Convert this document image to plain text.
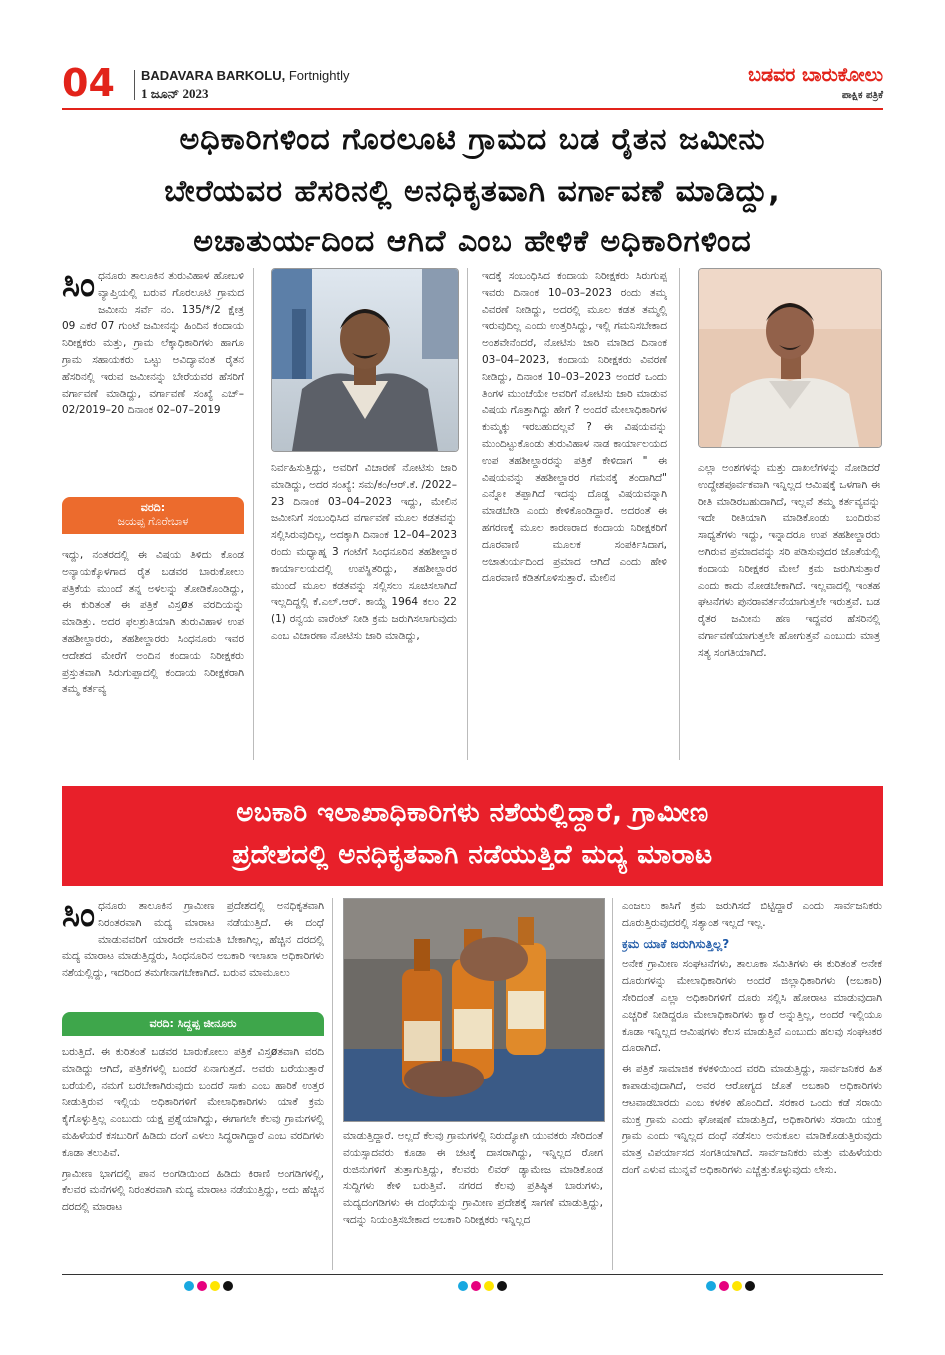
04	BADAVARA BARKOLU, Fortnightly
1 ಜೂನ್ 2023
ಬಡವರ ಬಾರುಕೋಲು
ಪಾಕ್ಷಿಕ ಪತ್ರಿಕೆ
ಅಧಿಕಾರಿಗಳಿಂದ ಗೊರಲೂಟಿ ಗ್ರಾಮದ ಬಡ ರೈತನ ಜಮೀನು
ಬೇರೆಯವರ ಹೆಸರಿನಲ್ಲಿ ಅನಧಿಕೃತವಾಗಿ ವರ್ಗಾವಣೆ ಮಾಡಿದ್ದು,
ಅಚಾತುರ್ಯದಿಂದ ಆಗಿದೆ ಎಂಬ ಹೇಳಿಕೆ ಅಧಿಕಾರಿಗಳಿಂದ
ಸಿಂ ಧನೂರು ತಾಲೂಕಿನ ತುರುವಿಹಾಳ ಹೋಬಳಿ ವ್ಯಾಪ್ತಿಯಲ್ಲಿ ಬರುವ ಗೊರಲೂಟಿ ಗ್ರಾಮದ ಜಮೀನು ಸರ್ವೆ ನಂ. 135/*/2 ಕ್ಷೇತ್ರ 09 ಎಕರೆ 07 ಗುಂಟೆ ಜಮೀನನ್ನು ಹಿಂದಿನ ಕಂದಾಯ ನಿರೀಕ್ಷಕರು ಮತ್ತು, ಗ್ರಾಮ ಲೆಕ್ಕಾಧಿಕಾರಿಗಳು ಹಾಗೂ ಗ್ರಾಮ ಸಹಾಯಕರು ಒಟ್ಟು ಅವಿದ್ಯಾವಂತ ರೈತನ ಹೆಸರಿನಲ್ಲಿ ಇರುವ ಜಮೀನನ್ನು ಬೇರೆಯವರ ಹೆಸರಿಗೆ ವರ್ಗಾವಣೆ ಮಾಡಿದ್ದು, ವರ್ಗಾವಣೆ ಸಂಖ್ಯೆ ಎಚ್– 02/2019–20 ದಿನಾಂಕ 02–07–2019
ವರದಿ:
ಜಯಪ್ಪ ಗೊರೇಬಾಳ
ಇದ್ದು, ನಂತರದಲ್ಲಿ ಈ ವಿಷಯ ತಿಳಿದು ಕೊಂಡ ಅನ್ಯಾಯಕ್ಕೊಳಗಾದ ರೈತ ಬಡವರ ಬಾರುಕೋಲು ಪತ್ರಿಕೆಯ ಮುಂದೆ ತನ್ನ ಅಳಲನ್ನು ತೋಡಿಕೊಂಡಿದ್ದು, ಈ ಕುರಿತಂತೆ ಈ ಪತ್ರಿಕೆ ವಿಸ್ತøತ ವರದಿಯನ್ನು ಮಾಡಿತ್ತು. ಅದರ ಫಲಶ್ರುತಿಯಾಗಿ ತುರುವಿಹಾಳ ಉಪ ತಹಶೀಲ್ದಾರರು, ತಹಶೀಲ್ದಾರರು ಸಿಂಧನೂರು ಇವರ ಆದೇಶದ ಮೇರೆಗೆ ಅಂದಿನ ಕಂದಾಯ ನಿರೀಕ್ಷಕರು ಪ್ರಸ್ತುತವಾಗಿ ಸಿರುಗುಪ್ಪಾದಲ್ಲಿ ಕಂದಾಯ ನಿರೀಕ್ಷಕರಾಗಿ ತಮ್ಮ ಕರ್ತವ್ಯ
ನಿರ್ವಹಿಸುತ್ತಿದ್ದು, ಅವರಿಗೆ ವಿಚಾರಣೆ ನೋಟಿಸು ಜಾರಿ ಮಾಡಿದ್ದು, ಅದರ ಸಂಖ್ಯೆ: ಸಮ/ಕಂ/ಆರ್.ಕೆ. /2022–23 ದಿನಾಂಕ 03–04–2023 ಇದ್ದು, ಮೇಲಿನ ಜಮೀನಿಗೆ ಸಂಬಂಧಿಸಿದ ವರ್ಗಾವಣೆ ಮೂಲ ಕಡತವನ್ನು ಸಲ್ಲಿಸಿರುವುದಿಲ್ಲ, ಅದಕ್ಕಾಗಿ ದಿನಾಂಕ 12–04–2023 ರಂದು ಮಧ್ಯಾಹ್ನ 3 ಗಂಟೆಗೆ ಸಿಂಧನೂರಿನ ತಹಶೀಲ್ದಾರ ಕಾರ್ಯಾಲಯದಲ್ಲಿ ಉಪಸ್ಥಿತರಿದ್ದು, ತಹಶೀಲ್ದಾರರ ಮುಂದೆ ಮೂಲ ಕಡತವನ್ನು ಸಲ್ಲಿಸಲು ಸೂಚಿಸಲಾಗಿದೆ ಇಲ್ಲದಿದ್ದಲ್ಲಿ ಕೆ.ಎಲ್.ಆರ್. ಕಾಯ್ದೆ 1964 ಕಲಂ 22 (1) ರನ್ವಯ ವಾರೆಂಟ್ ನೀಡಿ ಕ್ರಮ ಜರುಗಿಸಲಾಗುವುದು ಎಂಬ ವಿಚಾರಣಾ ನೋಟಿಸು ಜಾರಿ ಮಾಡಿದ್ದು,
ಇದಕ್ಕೆ ಸಂಬಂಧಿಸಿದ ಕಂದಾಯ ನಿರೀಕ್ಷಕರು ಸಿರುಗುಪ್ಪ ಇವರು ದಿನಾಂಕ 10–03–2023 ರಂದು ತಮ್ಮ ವಿವರಣೆ ನೀಡಿದ್ದು, ಅದರಲ್ಲಿ ಮೂಲ ಕಡತ ತಮ್ಮಲ್ಲಿ ಇರುವುದಿಲ್ಲ ಎಂದು ಉತ್ತರಿಸಿದ್ದು, ಇಲ್ಲಿ ಗಮನಿಸಬೇಕಾದ ಅಂಶವೇನೆಂದರೆ, ನೋಟಿಸು ಜಾರಿ ಮಾಡಿದ ದಿನಾಂಕ 03–04–2023, ಕಂದಾಯ ನಿರೀಕ್ಷಕರು ವಿವರಣೆ ನೀಡಿದ್ದು, ದಿನಾಂಕ 10–03–2023 ಅಂದರೆ ಒಂದು ತಿಂಗಳ ಮುಂಚೆಯೇ ಅವರಿಗೆ ನೋಟಿಸು ಜಾರಿ ಮಾಡುವ ವಿಷಯ ಗೊತ್ತಾಗಿದ್ದು ಹೇಗೆ ? ಅಂದರೆ ಮೇಲಾಧಿಕಾರಿಗಳ ಕುಮ್ಮಕ್ಕು ಇರಬಹುದಲ್ಲವೆ ? ಈ ವಿಷಯವನ್ನು ಮುಂದಿಟ್ಟುಕೊಂಡು ತುರುವಿಹಾಳ ನಾಡ ಕಾರ್ಯಾಲಯದ ಉಪ ತಹಶೀಲ್ದಾರರನ್ನು ಪತ್ರಿಕೆ ಕೇಳಿದಾಗ " ಈ ವಿಷಯವನ್ನು ತಹಶೀಲ್ದಾರರ ಗಮನಕ್ಕೆ ತಂದಾಗಿದೆ" ಎನ್ನೋ ತಪ್ಪಾಗಿದೆ ಇದನ್ನು ದೊಡ್ಡ ವಿಷಯವನ್ನಾಗಿ ಮಾಡಬೇಡಿ ಎಂದು ಕೇಳಿಕೊಂಡಿದ್ದಾರೆ. ಅದರಂತೆ ಈ ಹಗರಣಕ್ಕೆ ಮೂಲ ಕಾರಣರಾದ ಕಂದಾಯ ನಿರೀಕ್ಷಕರಿಗೆ ದೂರವಾಣಿ ಮೂಲಕ ಸಂಪರ್ಕಿಸಿದಾಗ, ಅಚಾತುರ್ಯದಿಂದ ಪ್ರಮಾದ ಆಗಿದೆ ಎಂದು ಹೇಳಿ ದೂರವಾಣಿ ಕಡಿತಗೊಳಿಸುತ್ತಾರೆ. ಮೇಲಿನ
ಎಲ್ಲಾ ಅಂಶಗಳನ್ನು ಮತ್ತು ದಾಖಲೆಗಳನ್ನು ನೋಡಿದರೆ ಉದ್ದೇಶಪೂರ್ವಕವಾಗಿ ಇನ್ನಿಲ್ಲದ ಆಮಿಷಕ್ಕೆ ಒಳಗಾಗಿ ಈ ರೀತಿ ಮಾಡಿರಬಹುದಾಗಿದೆ, ಇಲ್ಲವೆ ತಮ್ಮ ಕರ್ತವ್ಯವನ್ನು ಇದೇ ರೀತಿಯಾಗಿ ಮಾಡಿಕೊಂಡು ಬಂದಿರುವ ಸಾಧ್ಯತೆಗಳು ಇದ್ದು, ಇನ್ನಾದರೂ ಉಪ ತಹಶೀಲ್ದಾರರು ಅಗಿರುವ ಪ್ರಮಾದವನ್ನು ಸರಿ ಪಡಿಸುವುದರ ಜೊತೆಯಲ್ಲಿ ಕಂದಾಯ ನಿರೀಕ್ಷಕರ ಮೇಲೆ ಕ್ರಮ ಜರುಗಿಸುತ್ತಾರೆ ಎಂದು ಕಾದು ನೋಡಬೇಕಾಗಿದೆ. ಇಲ್ಲವಾದಲ್ಲಿ ಇಂತಹ ಘಟನೆಗಳು ಪುನರಾವರ್ತನೆಯಾಗುತ್ತಲೇ ಇರುತ್ತವೆ. ಬಡ ರೈತರ ಜಮೀನು ಹಣ ಇದ್ದವರ ಹೆಸರಿನಲ್ಲಿ ವರ್ಗಾವಣೆಯಾಗುತ್ತಲೇ ಹೋಗುತ್ತವೆ ಎಂಬುದು ಮಾತ್ರ ಸತ್ಯ ಸಂಗತಿಯಾಗಿದೆ.
ಅಬಕಾರಿ ಇಲಾಖಾಧಿಕಾರಿಗಳು ನಶೆಯಲ್ಲಿದ್ದಾರೆ, ಗ್ರಾಮೀಣ
ಪ್ರದೇಶದಲ್ಲಿ ಅನಧಿಕೃತವಾಗಿ ನಡೆಯುತ್ತಿದೆ ಮದ್ಯ ಮಾರಾಟ
ಸಿಂ ಧನೂರು ತಾಲೂಕಿನ ಗ್ರಾಮೀಣ ಪ್ರದೇಶದಲ್ಲಿ ಅನಧಿಕೃತವಾಗಿ ನಿರಂತರವಾಗಿ ಮದ್ಯ ಮಾರಾಟ ನಡೆಯುತ್ತಿದೆ. ಈ ದಂಧೆ ಮಾಡುವವರಿಗೆ ಯಾರದೇ ಅನುಮತಿ ಬೇಕಾಗಿಲ್ಲ, ಹೆಚ್ಚಿನ ದರದಲ್ಲಿ ಮದ್ಯ ಮಾರಾಟ ಮಾಡುತ್ತಿದ್ದರು, ಸಿಂಧನೂರಿನ ಅಬಕಾರಿ ಇಲಾಖಾ ಅಧಿಕಾರಿಗಳು ನಶೆಯಲ್ಲಿದ್ದು, ಇದರಿಂದ ತಮಗೇನಾಗಬೇಕಾಗಿದೆ. ಬರುವ ಮಾಮೂಲು
ವರದಿ: ಸಿದ್ದಪ್ಪ ಜೀನೂರು

ಬರುತ್ತಿದೆ. ಈ ಕುರಿತಂತೆ ಬಡವರ ಬಾರುಕೋಲು ಪತ್ರಿಕೆ ವಿಸ್ತøತವಾಗಿ ವರದಿ ಮಾಡಿದ್ದು ಆಗಿದೆ, ಪತ್ರಿಕೆಗಳಲ್ಲಿ ಬಂದರೆ ಏನಾಗುತ್ತದೆ. ಅವರು ಬರೆಯುತ್ತಾರೆ ಬರೆಯಲಿ, ನಮಗೆ ಬರಬೇಕಾಗಿರುವುದು ಬಂದರೆ ಸಾಕು ಎಂಬ ಹಾರಿಕೆ ಉತ್ತರ ನೀಡುತ್ತಿರುವ ಇಲ್ಲಿಯ ಅಧಿಕಾರಿಗಳಿಗೆ ಮೇಲಾಧಿಕಾರಿಗಳು ಯಾಕೆ ಕ್ರಮ ಕೈಗೊಳ್ಳುತ್ತಿಲ್ಲ ಎಂಬುದು ಯಕ್ಷ ಪ್ರಶ್ನೆಯಾಗಿದ್ದು, ಈಗಾಗಲೇ ಕೆಲವು ಗ್ರಾಮಗಳಲ್ಲಿ ಮಹಿಳೆಯರೆ ಕಸಬುರಿಗೆ ಹಿಡಿದು ದಂಗೆ ಎಳಲು ಸಿದ್ಧರಾಗಿದ್ದಾರೆ ಎಂಬ ವರದಿಗಳು ಕೂಡಾ ತಲುಪಿವೆ.

ಗ್ರಾಮೀಣ ಭಾಗದಲ್ಲಿ ಪಾನ ಅಂಗಡಿಯಿಂದ ಹಿಡಿದು ಕಿರಾಣಿ ಅಂಗಡಿಗಳಲ್ಲಿ, ಕೆಲವರ ಮನೆಗಳಲ್ಲಿ ನಿರಂತರವಾಗಿ ಮದ್ಯ ಮಾರಾಟ ನಡೆಯುತ್ತಿದ್ದು, ಅದು ಹೆಚ್ಚಿನ ದರದಲ್ಲಿ ಮಾರಾಟ

ಮಾಡುತ್ತಿದ್ದಾರೆ. ಅಲ್ಲದೆ ಕೆಲವು ಗ್ರಾಮಗಳಲ್ಲಿ ನಿರುದ್ಯೋಗಿ ಯುವಕರು ಸೇರಿದಂತೆ ವಯಸ್ಸಾದವರು ಕೂಡಾ ಈ ಚಟಕ್ಕೆ ದಾಸರಾಗಿದ್ದು, ಇನ್ನಿಲ್ಲದ ರೋಗ ರುಜಿನುಗಳಿಗೆ ತುತ್ತಾಗುತ್ತಿದ್ದು, ಕೆಲವರು ಲಿವರ್ ಡ್ಯಾಮೇಜ ಮಾಡಿಕೊಂಡ ಸುದ್ದಿಗಳು ಕೇಳಿ ಬರುತ್ತಿವೆ. ನಗರದ ಕೆಲವು ಪ್ರತಿಷ್ಠಿತ ಬಾರುಗಳು, ಮದ್ಯದಂಗಡಿಗಳು ಈ ದಂಧೆಯನ್ನು ಗ್ರಾಮೀಣ ಪ್ರದೇಶಕ್ಕೆ ಸಾಗಣೆ ಮಾಡುತ್ತಿದ್ದು, ಇದನ್ನು ನಿಯಂತ್ರಿಸಬೇಕಾದ ಅಬಕಾರಿ ನಿರೀಕ್ಷಕರು ಇನ್ನಿಲ್ಲದ

ಎಂಜಲು ಕಾಸಿಗೆ ಕ್ರಮ ಜರುಗಿಸದೆ ಬಿಟ್ಟಿದ್ದಾರೆ ಎಂದು ಸಾರ್ವಜನಿಕರು ದೂರುತ್ತಿರುವುದರಲ್ಲಿ ಸತ್ಯಾಂಶ ಇಲ್ಲದೆ ಇಲ್ಲ.

ಕ್ರಮ ಯಾಕೆ ಜರುಗಿಸುತ್ತಿಲ್ಲ?

ಅನೇಕ ಗ್ರಾಮೀಣ ಸಂಘಟನೆಗಳು, ತಾಲೂಕಾ ಸಮಿತಿಗಳು ಈ ಕುರಿತಂತೆ ಅನೇಕ ದೂರುಗಳನ್ನು ಮೇಲಾಧಿಕಾರಿಗಳು ಅಂದರೆ ಜಿಲ್ಲಾಧಿಕಾರಿಗಳು (ಅಬಕಾರಿ) ಸೇರಿದಂತೆ ಎಲ್ಲಾ ಅಧಿಕಾರಿಗಳಿಗೆ ದೂರು ಸಲ್ಲಿಸಿ ಹೋರಾಟ ಮಾಡುವುದಾಗಿ ಎಚ್ಚರಿಕೆ ನೀಡಿದ್ದರೂ ಮೇಲಾಧಿಕಾರಿಗಳು ಕ್ಯಾರೆ ಅನ್ನುತ್ತಿಲ್ಲ, ಅಂದರೆ ಇಲ್ಲಿಯೂ ಕೂಡಾ ಇನ್ನಿಲ್ಲದ ಆಮಿಷಗಳು ಕೆಲಸ ಮಾಡುತ್ತಿವೆ ಎಂಬುದು ಹಲವು ಸಂಘಟಕರ ದೂರಾಗಿದೆ.

ಈ ಪತ್ರಿಕೆ ಸಾಮಾಜಿಕ ಕಳಕಳಿಯಿಂದ ವರದಿ ಮಾಡುತ್ತಿದ್ದು, ಸಾರ್ವಜನಿಕರ ಹಿತ ಕಾಪಾಡುವುದಾಗಿದೆ, ಅವರ ಆರೋಗ್ಯದ ಜೊತೆ ಅಬಕಾರಿ ಅಧಿಕಾರಿಗಳು ಆಟವಾಡಬಾರದು ಎಂಬ ಕಳಕಳಿ ಹೊಂದಿದೆ. ಸರಕಾರ ಒಂದು ಕಡೆ ಸರಾಯಿ ಮುಕ್ತ ಗ್ರಾಮ ಎಂದು ಘೋಷಣೆ ಮಾಡುತ್ತಿದೆ, ಅಧಿಕಾರಿಗಳು ಸರಾಯಿ ಯುಕ್ತ ಗ್ರಾಮ ಎಂದು ಇನ್ನಿಲ್ಲದ ದಂಧೆ ನಡೆಸಲು ಅನುಕೂಲ ಮಾಡಿಕೊಡುತ್ತಿರುವುದು ಮಾತ್ರ ವಿಪರ್ಯಾಸದ ಸಂಗತಿಯಾಗಿದೆ. ಸಾರ್ವಜನಿಕರು ಮತ್ತು ಮಹಿಳೆಯರು ದಂಗೆ ಎಳುವ ಮುನ್ನವೆ ಅಧಿಕಾರಿಗಳು ಎಚ್ಚೆತ್ತುಕೊಳ್ಳುವುದು ಲೇಸು.
